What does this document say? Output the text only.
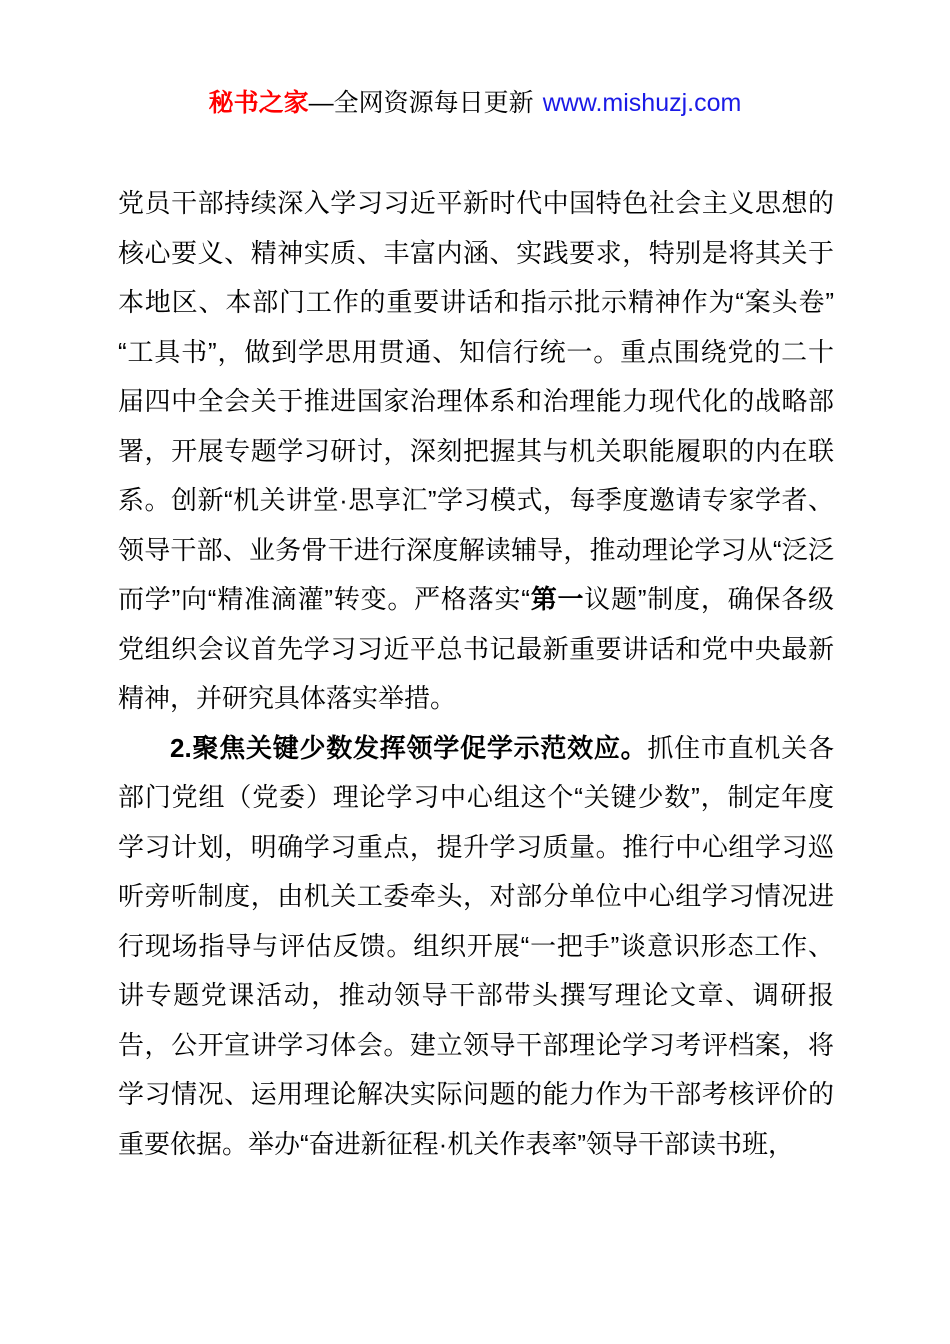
秘书之家—全网资源每日更新 www.mishuzj.com

党员干部持续深入学习习近平新时代中国特色社会主义思想的核心要义、精神实质、丰富内涵、实践要求，特别是将其关于本地区、本部门工作的重要讲话和指示批示精神作为“案头卷”“工具书”，做到学思用贯通、知信行统一。重点围绕党的二十届四中全会关于推进国家治理体系和治理能力现代化的战略部署，开展专题学习研讨，深刻把握其与机关职能履职的内在联系。创新“机关讲堂·思享汇”学习模式，每季度邀请专家学者、领导干部、业务骨干进行深度解读辅导，推动理论学习从“泛泛而学”向“精准滴灌”转变。严格落实“第一议题”制度，确保各级党组织会议首先学习习近平总书记最新重要讲话和党中央最新精神，并研究具体落实举措。

2.聚焦关键少数发挥领学促学示范效应。抓住市直机关各部门党组（党委）理论学习中心组这个“关键少数”，制定年度学习计划，明确学习重点，提升学习质量。推行中心组学习巡听旁听制度，由机关工委牵头，对部分单位中心组学习情况进行现场指导与评估反馈。组织开展“一把手”谈意识形态工作、讲专题党课活动，推动领导干部带头撰写理论文章、调研报告，公开宣讲学习体会。建立领导干部理论学习考评档案，将学习情况、运用理论解决实际问题的能力作为干部考核评价的重要依据。举办“奋进新征程·机关作表率”领导干部读书班，
